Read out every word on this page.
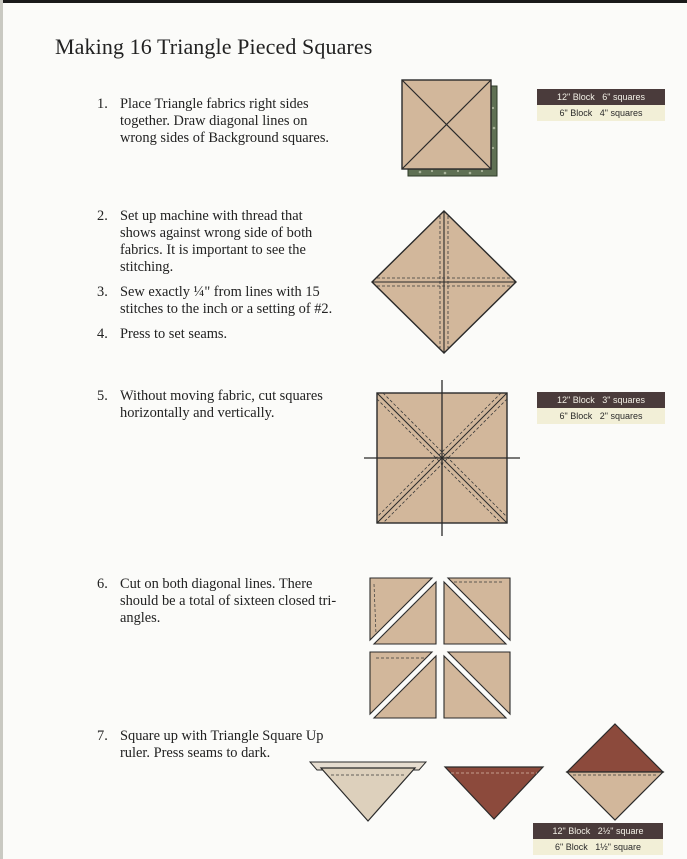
Making 16 Triangle Pieced Squares
1. Place Triangle fabrics right sides
together. Draw diagonal lines on
wrong sides of Background squares.
2. Set up machine with thread that
shows against wrong side of both
fabrics. It is important to see the
stitching.
3. Sew exactly ¼" from lines with 15
stitches to the inch or a setting of #2.
4. Press to set seams.
5. Without moving fabric, cut squares
horizontally and vertically.
6. Cut on both diagonal lines. There
should be a total of sixteen closed tri-
angles.
7. Square up with Triangle Square Up
ruler. Press seams to dark.
12" Block   6" squares
6" Block   4" squares
12" Block   3" squares
6" Block   2" squares
12" Block   2½" square
6" Block   1½" square
